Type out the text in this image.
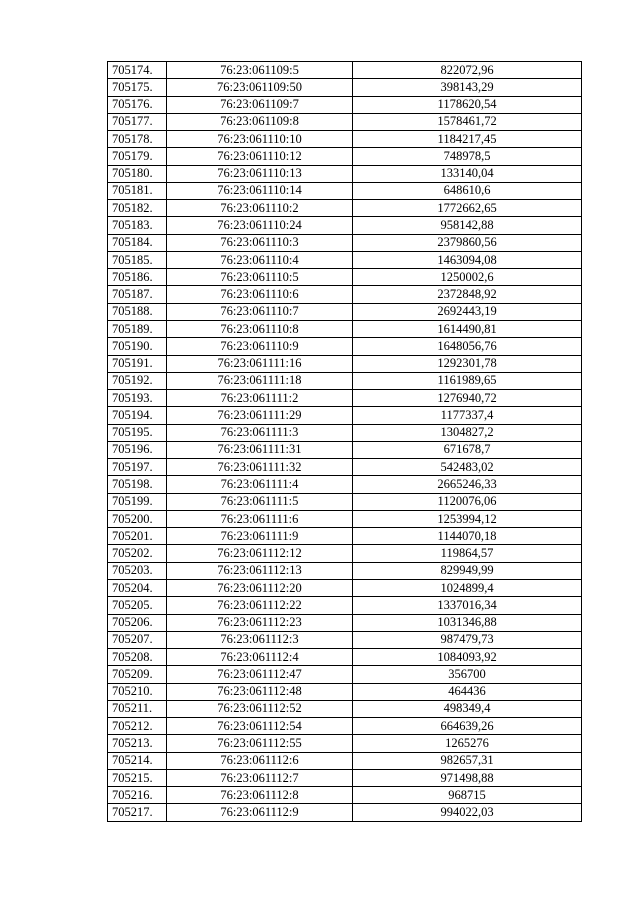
705174.	76:23:061109:5	822072,96
705175.	76:23:061109:50	398143,29
705176.	76:23:061109:7	1178620,54
705177.	76:23:061109:8	1578461,72
705178.	76:23:061110:10	1184217,45
705179.	76:23:061110:12	748978,5
705180.	76:23:061110:13	133140,04
705181.	76:23:061110:14	648610,6
705182.	76:23:061110:2	1772662,65
705183.	76:23:061110:24	958142,88
705184.	76:23:061110:3	2379860,56
705185.	76:23:061110:4	1463094,08
705186.	76:23:061110:5	1250002,6
705187.	76:23:061110:6	2372848,92
705188.	76:23:061110:7	2692443,19
705189.	76:23:061110:8	1614490,81
705190.	76:23:061110:9	1648056,76
705191.	76:23:061111:16	1292301,78
705192.	76:23:061111:18	1161989,65
705193.	76:23:061111:2	1276940,72
705194.	76:23:061111:29	1177337,4
705195.	76:23:061111:3	1304827,2
705196.	76:23:061111:31	671678,7
705197.	76:23:061111:32	542483,02
705198.	76:23:061111:4	2665246,33
705199.	76:23:061111:5	1120076,06
705200.	76:23:061111:6	1253994,12
705201.	76:23:061111:9	1144070,18
705202.	76:23:061112:12	119864,57
705203.	76:23:061112:13	829949,99
705204.	76:23:061112:20	1024899,4
705205.	76:23:061112:22	1337016,34
705206.	76:23:061112:23	1031346,88
705207.	76:23:061112:3	987479,73
705208.	76:23:061112:4	1084093,92
705209.	76:23:061112:47	356700
705210.	76:23:061112:48	464436
705211.	76:23:061112:52	498349,4
705212.	76:23:061112:54	664639,26
705213.	76:23:061112:55	1265276
705214.	76:23:061112:6	982657,31
705215.	76:23:061112:7	971498,88
705216.	76:23:061112:8	968715
705217.	76:23:061112:9	994022,03
